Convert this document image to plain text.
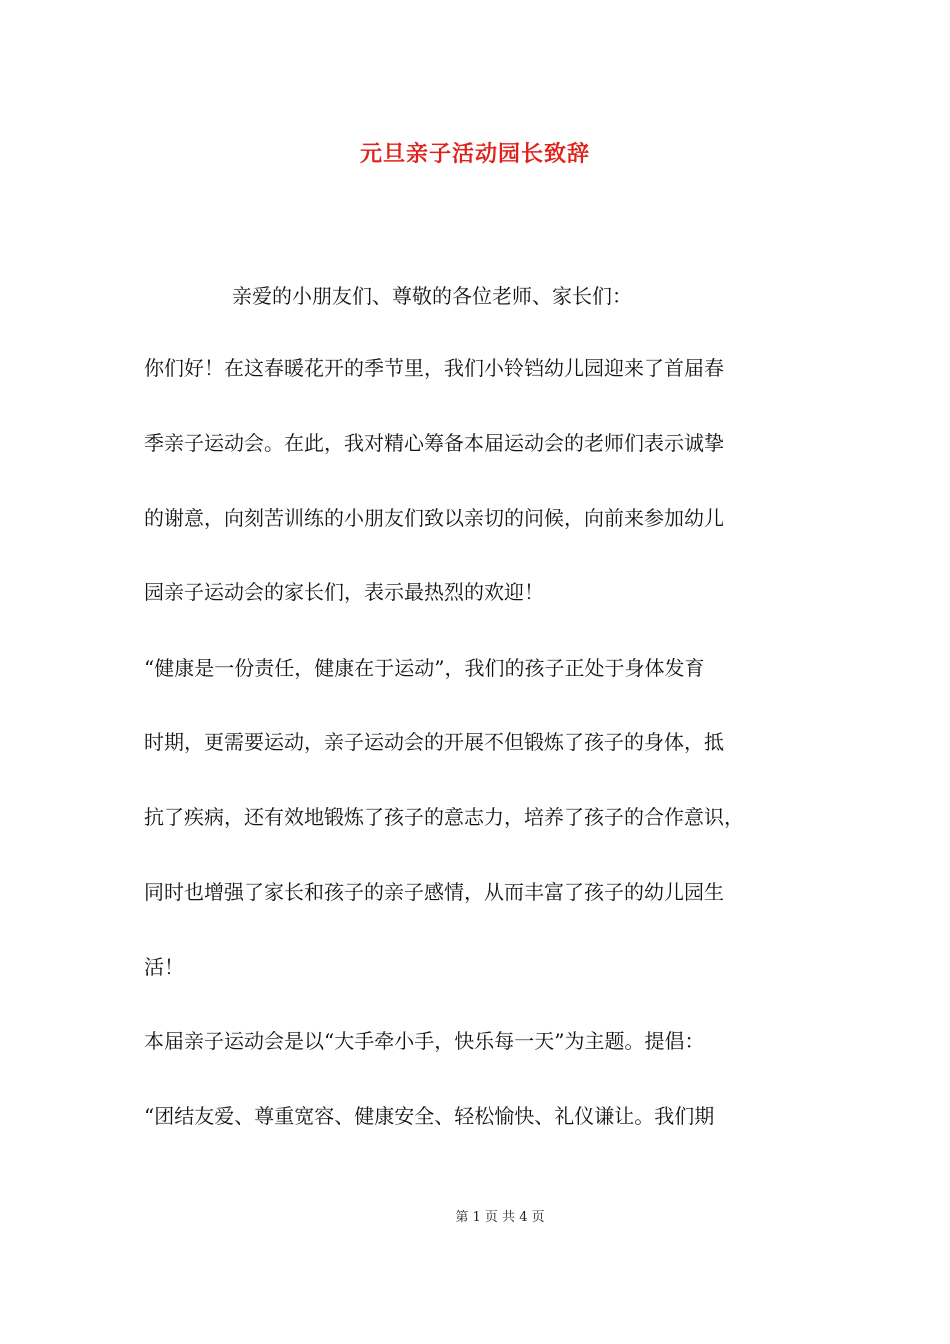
元旦亲子活动园长致辞
亲爱的小朋友们、尊敬的各位老师、家长们：
你们好！在这春暖花开的季节里，我们小铃铛幼儿园迎来了首届春
季亲子运动会。在此，我对精心筹备本届运动会的老师们表示诚挚
的谢意，向刻苦训练的小朋友们致以亲切的问候，向前来参加幼儿
园亲子运动会的家长们，表示最热烈的欢迎！
“健康是一份责任，健康在于运动”，我们的孩子正处于身体发育
时期，更需要运动，亲子运动会的开展不但锻炼了孩子的身体，抵
抗了疾病，还有效地锻炼了孩子的意志力，培养了孩子的合作意识，
同时也增强了家长和孩子的亲子感情，从而丰富了孩子的幼儿园生
活！
本届亲子运动会是以“大手牵小手，快乐每一天”为主题。提倡：
“团结友爱、尊重宽容、健康安全、轻松愉快、礼仪谦让。我们期
第 1 页 共 4 页
